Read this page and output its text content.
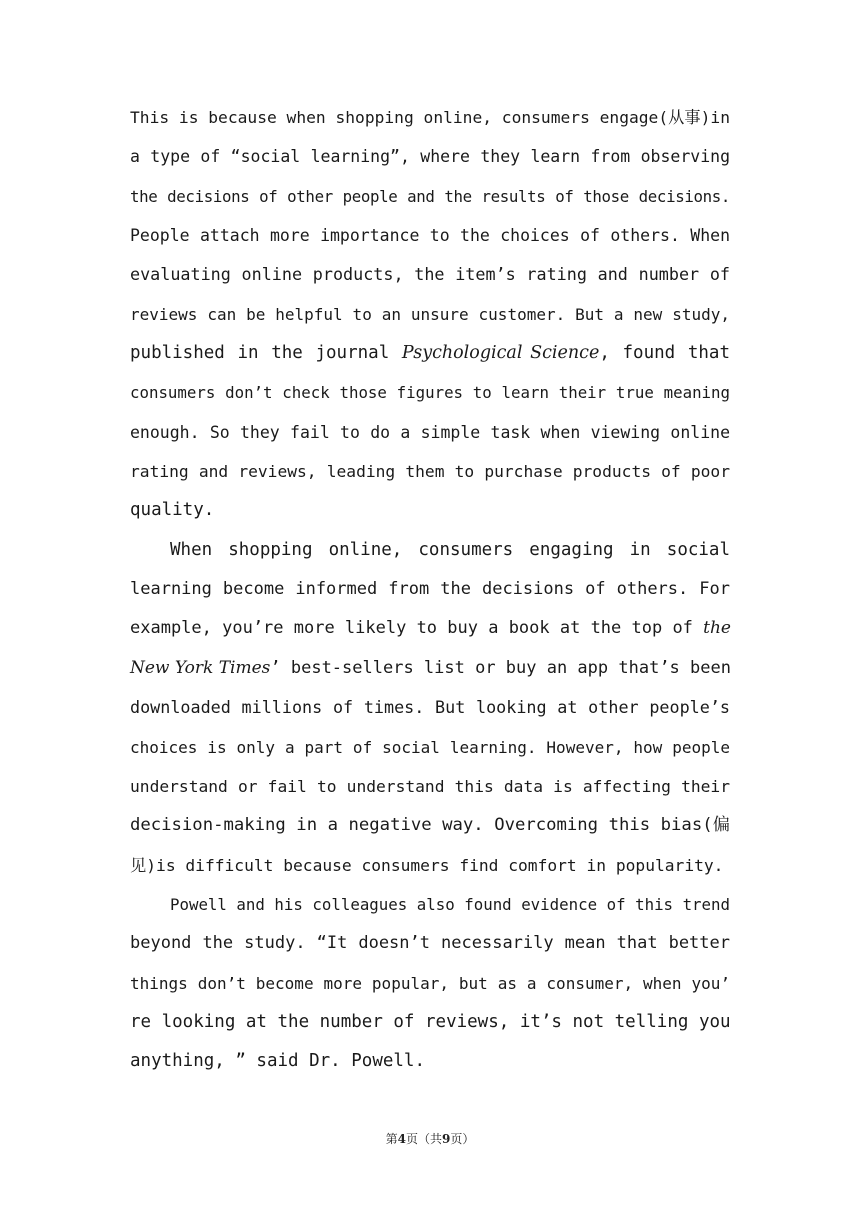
This is because when shopping online, consumers engage(从事)in
a type of “social learning”, where they learn from observing
the decisions of other people and the results of those decisions.
People attach more importance to the choices of others. When
evaluating online products, the item’s rating and number of
reviews can be helpful to an unsure customer. But a new study,
published in the journal Psychological Science, found that
consumers don’t check those figures to learn their true meaning
enough. So they fail to do a simple task when viewing online
rating and reviews, leading them to purchase products of poor
quality.
When shopping online, consumers engaging in social
learning become informed from the decisions of others. For
example, you’re more likely to buy a book at the top of the
New York Times’ best-sellers list or buy an app that’s been
downloaded millions of times. But looking at other people’s
choices is only a part of social learning. However, how people
understand or fail to understand this data is affecting their
decision-making in a negative way. Overcoming this bias(偏
见)is difficult because consumers find comfort in popularity.
Powell and his colleagues also found evidence of this trend
beyond the study. “It doesn’t necessarily mean that better
things don’t become more popular, but as a consumer, when you’
re looking at the number of reviews, it’s not telling you
anything, ” said Dr. Powell.
第4页（共9页）
